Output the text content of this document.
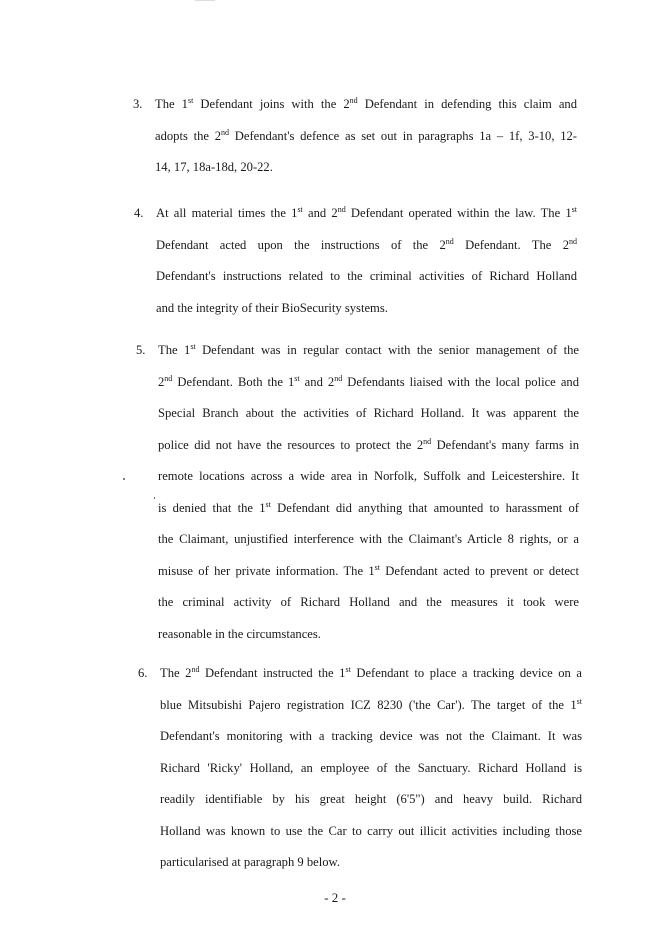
3. The 1st Defendant joins with the 2nd Defendant in defending this claim and
adopts the 2nd Defendant's defence as set out in paragraphs 1a – 1f, 3-10, 12-
14, 17, 18a-18d, 20-22.
4. At all material times the 1st and 2nd Defendant operated within the law. The 1st
Defendant acted upon the instructions of the 2nd Defendant. The 2nd
Defendant's instructions related to the criminal activities of Richard Holland
and the integrity of their BioSecurity systems.
5. The 1st Defendant was in regular contact with the senior management of the
2nd Defendant. Both the 1st and 2nd Defendants liaised with the local police and
Special Branch about the activities of Richard Holland. It was apparent the
police did not have the resources to protect the 2nd Defendant's many farms in
remote locations across a wide area in Norfolk, Suffolk and Leicestershire. It
is denied that the 1st Defendant did anything that amounted to harassment of
the Claimant, unjustified interference with the Claimant's Article 8 rights, or a
misuse of her private information. The 1st Defendant acted to prevent or detect
the criminal activity of Richard Holland and the measures it took were
reasonable in the circumstances.
6. The 2nd Defendant instructed the 1st Defendant to place a tracking device on a
blue Mitsubishi Pajero registration ICZ 8230 ('the Car'). The target of the 1st
Defendant's monitoring with a tracking device was not the Claimant. It was
Richard 'Ricky' Holland, an employee of the Sanctuary. Richard Holland is
readily identifiable by his great height (6'5") and heavy build. Richard
Holland was known to use the Car to carry out illicit activities including those
particularised at paragraph 9 below.
- 2 -
